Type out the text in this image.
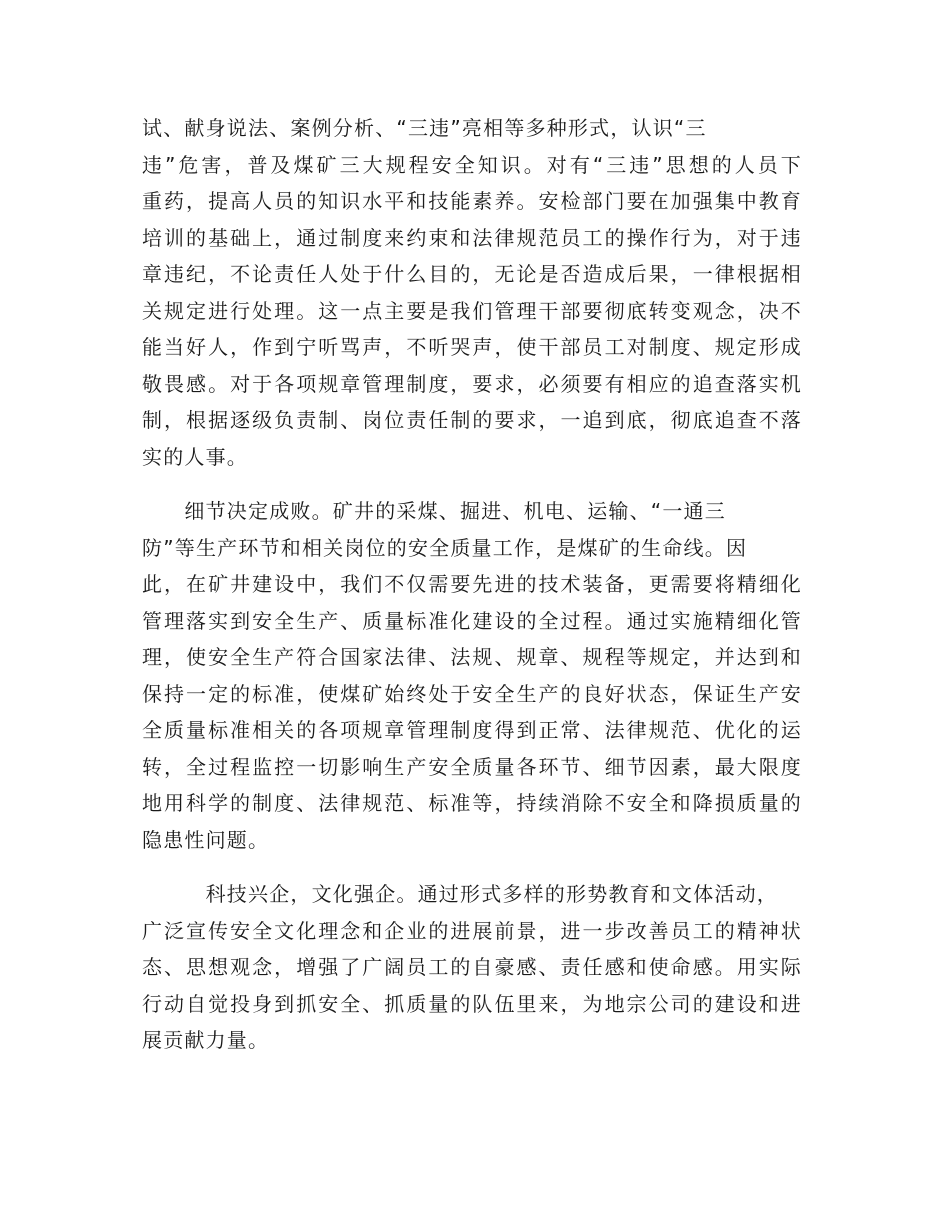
试、献身说法、案例分析、“三违”亮相等多种形式，认识“三
违”危害，普及煤矿三大规程安全知识。对有“三违”思想的人员下
重药，提高人员的知识水平和技能素养。安检部门要在加强集中教育
培训的基础上，通过制度来约束和法律规范员工的操作行为，对于违
章违纪，不论责任人处于什么目的，无论是否造成后果，一律根据相
关规定进行处理。这一点主要是我们管理干部要彻底转变观念，决不
能当好人，作到宁听骂声，不听哭声，使干部员工对制度、规定形成
敬畏感。对于各项规章管理制度，要求，必须要有相应的追查落实机
制，根据逐级负责制、岗位责任制的要求，一追到底，彻底追查不落
实的人事。
　　细节决定成败。矿井的采煤、掘进、机电、运输、“一通三
防”等生产环节和相关岗位的安全质量工作，是煤矿的生命线。因
此，在矿井建设中，我们不仅需要先进的技术装备，更需要将精细化
管理落实到安全生产、质量标准化建设的全过程。通过实施精细化管
理，使安全生产符合国家法律、法规、规章、规程等规定，并达到和
保持一定的标准，使煤矿始终处于安全生产的良好状态，保证生产安
全质量标准相关的各项规章管理制度得到正常、法律规范、优化的运
转，全过程监控一切影响生产安全质量各环节、细节因素，最大限度
地用科学的制度、法律规范、标准等，持续消除不安全和降损质量的
隐患性问题。
　　　科技兴企，文化强企。通过形式多样的形势教育和文体活动，
广泛宣传安全文化理念和企业的进展前景，进一步改善员工的精神状
态、思想观念，增强了广阔员工的自豪感、责任感和使命感。用实际
行动自觉投身到抓安全、抓质量的队伍里来，为地宗公司的建设和进
展贡献力量。
